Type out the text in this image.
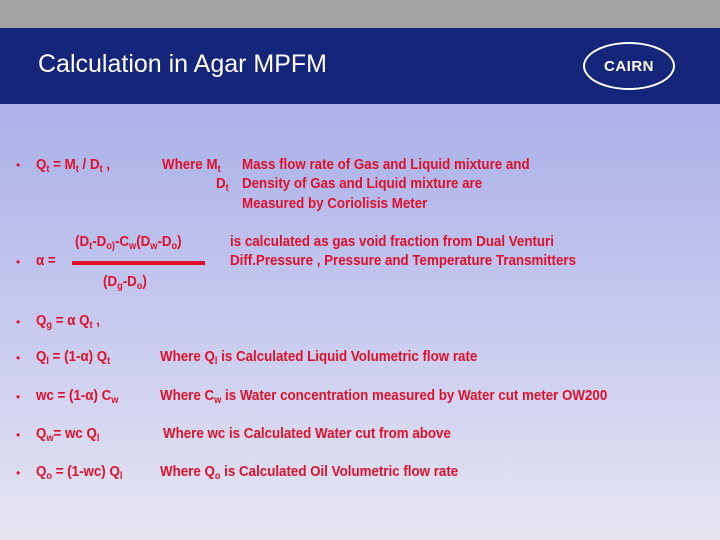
Calculation in Agar MPFM	CAIRN
• $Q_t = M_t / D_t$ ,	Where $M_t$ Mass flow rate of Gas and Liquid mixture and
$D_t$ Density of Gas and Liquid mixture are
Measured by Coriolisis Meter
($D_t-D_{o)}-C_w(D_w-D_o)$
• α =
$(D_g-D_o)$
is calculated as gas void fraction from Dual Venturi
Diff.Pressure , Pressure and Temperature Transmitters
• $Q_g = \alpha$ $Q_t$ ,
• $Q_l = (1-\alpha)$ $Q_t$	Where $Q_l$ is Calculated Liquid Volumetric flow rate
• wc = (1-α) $C_w$	Where $C_w$ is Water concentration measured by Water cut meter OW200
• $Q_w=$ wc $Q_l$	Where wc is Calculated Water cut from above
• $Q_o = (1-wc)$ $Q_l$	Where $Q_o$ is Calculated Oil Volumetric flow rate
